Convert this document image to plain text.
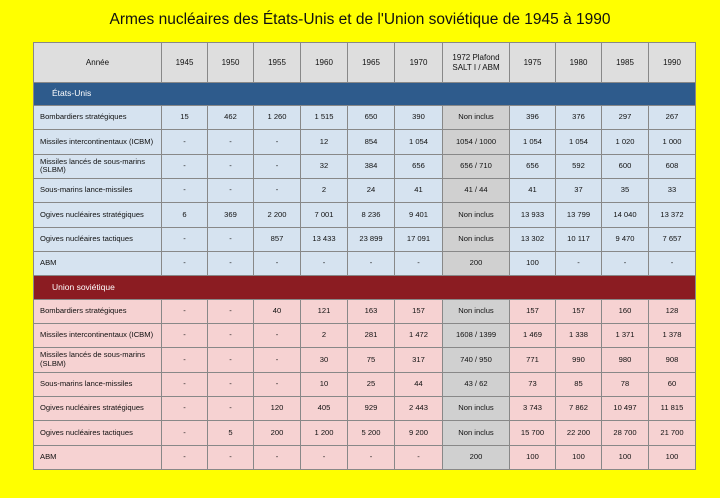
Armes nucléaires des États-Unis et de l'Union soviétique de 1945 à 1990
Année	1945	1950	1955	1960	1965	1970	1972 Plafond SALT I / ABM	1975	1980	1985	1990
États-Unis											
Bombardiers stratégiques	15	462	1 260	1 515	650	390	Non inclus	396	376	297	267
Missiles intercontinentaux (ICBM)	-	-	-	12	854	1 054	1054 / 1000	1 054	1 054	1 020	1 000
Missiles lancés de sous-marins (SLBM)	-	-	-	32	384	656	656 / 710	656	592	600	608
Sous-marins lance-missiles	-	-	-	2	24	41	41 / 44	41	37	35	33
Ogives nucléaires stratégiques	6	369	2 200	7 001	8 236	9 401	Non inclus	13 933	13 799	14 040	13 372
Ogives nucléaires tactiques	-	-	857	13 433	23 899	17 091	Non inclus	13 302	10 117	9 470	7 657
ABM	-	-	-	-	-	-	200	100	-	-	-
Union soviétique											
Bombardiers stratégiques	-	-	40	121	163	157	Non inclus	157	157	160	128
Missiles intercontinentaux (ICBM)	-	-	-	2	281	1 472	1608 / 1399	1 469	1 338	1 371	1 378
Missiles lancés de sous-marins (SLBM)	-	-	-	30	75	317	740 / 950	771	990	980	908
Sous-marins lance-missiles	-	-	-	10	25	44	43 / 62	73	85	78	60
Ogives nucléaires stratégiques	-	-	120	405	929	2 443	Non inclus	3 743	7 862	10 497	11 815
Ogives nucléaires tactiques	-	5	200	1 200	5 200	9 200	Non inclus	15 700	22 200	28 700	21 700
ABM	-	-	-	-	-	-	200	100	100	100	100
